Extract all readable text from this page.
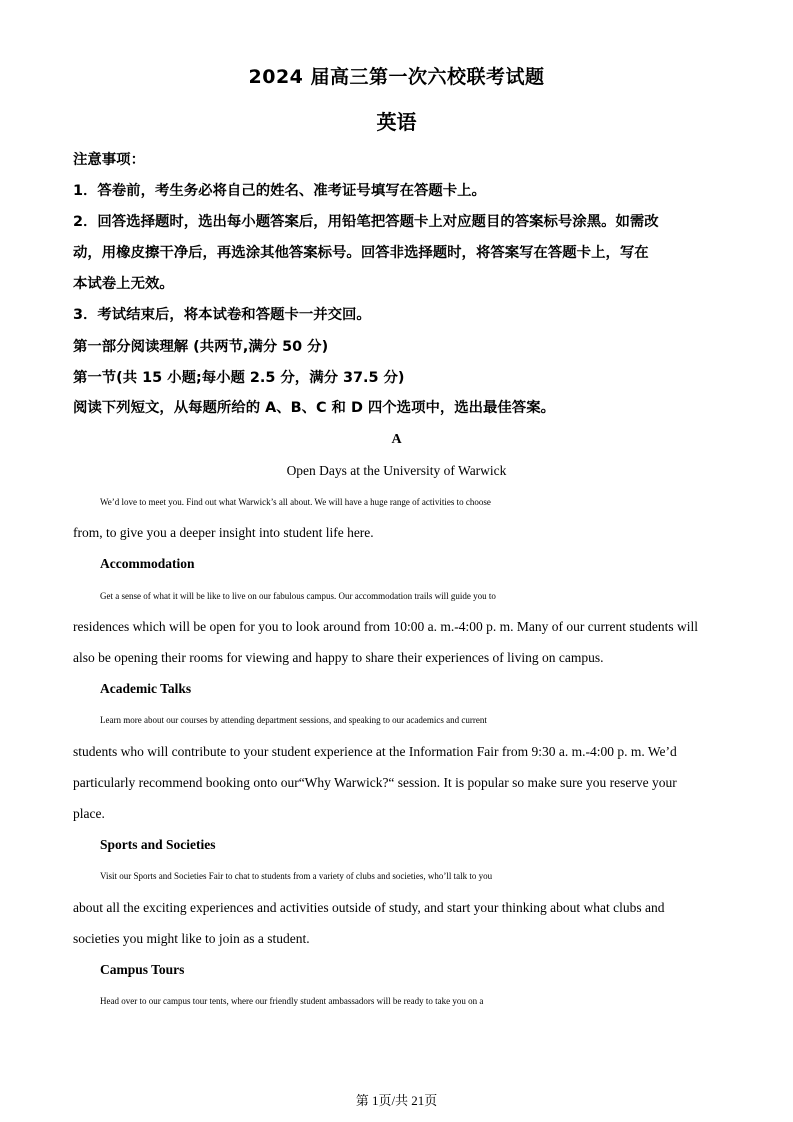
2024 届高三第一次六校联考试题
英语
注意事项：
1．答卷前，考生务必将自己的姓名、准考证号填写在答题卡上。
2．回答选择题时，选出每小题答案后，用铅笔把答题卡上对应题目的答案标号涂黑。如需改
动，用橡皮擦干净后，再选涂其他答案标号。回答非选择题时，将答案写在答题卡上，写在
本试卷上无效。
3．考试结束后，将本试卷和答题卡一并交回。
第一部分阅读理解 (共两节,满分 50 分)
第一节(共 15 小题;每小题 2.5 分，满分 37.5 分)
阅读下列短文，从每题所给的 A、B、C 和 D 四个选项中，选出最佳答案。
A
Open Days at the University of Warwick
We’d love to meet you. Find out what Warwick’s all about. We will have a huge range of activities to choose
from, to give you a deeper insight into student life here.
Accommodation
Get a sense of what it will be like to live on our fabulous campus. Our accommodation trails will guide you to
residences which will be open for you to look around from 10:00 a. m.-4:00 p. m. Many of our current students will
also be opening their rooms for viewing and happy to share their experiences of living on campus.
Academic Talks
Learn more about our courses by attending department sessions, and speaking to our academics and current
students who will contribute to your student experience at the Information Fair from 9:30 a. m.-4:00 p. m. We’d
particularly recommend booking onto our“Why Warwick?“ session. It is popular so make sure you reserve your
place.
Sports and Societies
Visit our Sports and Societies Fair to chat to students from a variety of clubs and societies, who’ll talk to you
about all the exciting experiences and activities outside of study, and start your thinking about what clubs and
societies you might like to join as a student.
Campus Tours
Head over to our campus tour tents, where our friendly student ambassadors will be ready to take you on a
第 1页/共 21页
